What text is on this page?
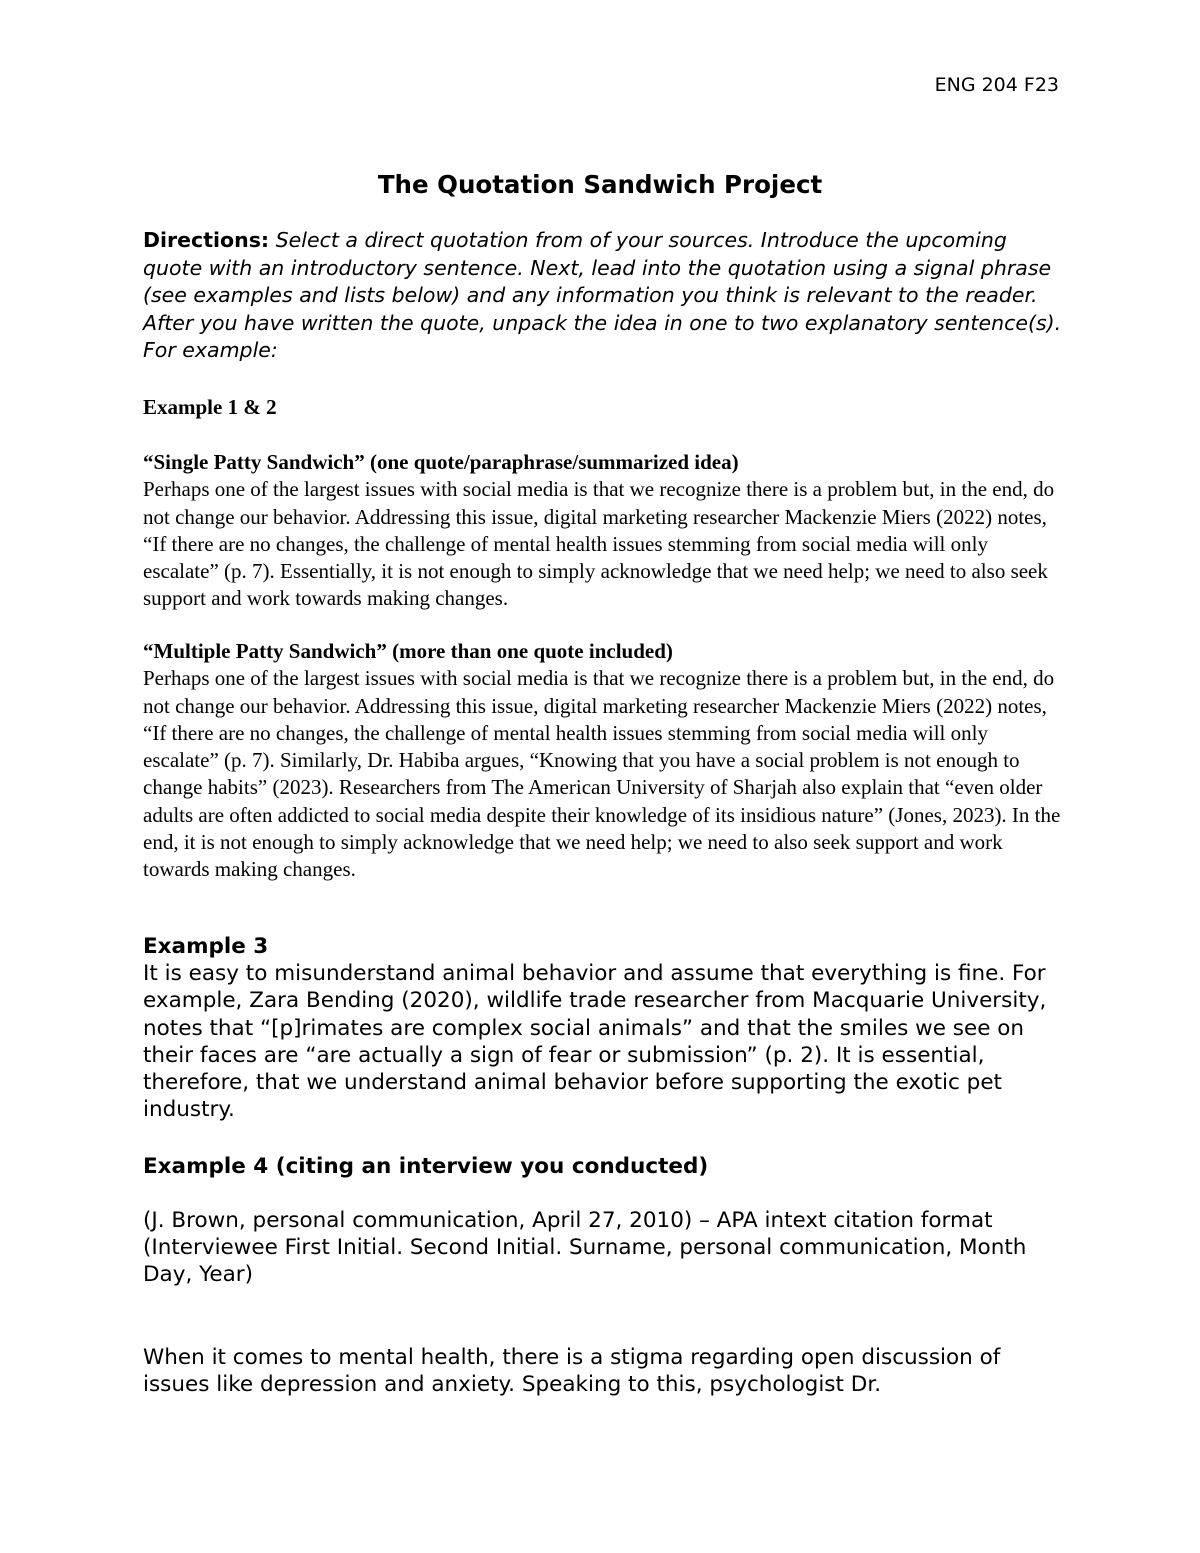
ENG 204 F23
The Quotation Sandwich Project
Directions: Select a direct quotation from of your sources. Introduce the upcoming quote with an introductory sentence. Next, lead into the quotation using a signal phrase (see examples and lists below) and any information you think is relevant to the reader. After you have written the quote, unpack the idea in one to two explanatory sentence(s). For example:
Example 1 & 2

“Single Patty Sandwich” (one quote/paraphrase/summarized idea)

Perhaps one of the largest issues with social media is that we recognize there is a problem but, in the end, do not change our behavior. Addressing this issue, digital marketing researcher Mackenzie Miers (2022) notes, “If there are no changes, the challenge of mental health issues stemming from social media will only escalate” (p. 7). Essentially, it is not enough to simply acknowledge that we need help; we need to also seek support and work towards making changes.

“Multiple Patty Sandwich” (more than one quote included)

Perhaps one of the largest issues with social media is that we recognize there is a problem but, in the end, do not change our behavior. Addressing this issue, digital marketing researcher Mackenzie Miers (2022) notes, “If there are no changes, the challenge of mental health issues stemming from social media will only escalate” (p. 7). Similarly, Dr. Habiba argues, “Knowing that you have a social problem is not enough to change habits” (2023). Researchers from The American University of Sharjah also explain that “even older adults are often addicted to social media despite their knowledge of its insidious nature” (Jones, 2023). In the end, it is not enough to simply acknowledge that we need help; we need to also seek support and work towards making changes.

Example 3

It is easy to misunderstand animal behavior and assume that everything is fine. For example, Zara Bending (2020), wildlife trade researcher from Macquarie University, notes that “[p]rimates are complex social animals” and that the smiles we see on their faces are “are actually a sign of fear or submission” (p. 2). It is essential, therefore, that we understand animal behavior before supporting the exotic pet industry.

Example 4 (citing an interview you conducted)

(J. Brown, personal communication, April 27, 2010) – APA intext citation format

(Interviewee First Initial. Second Initial. Surname, personal communication, Month Day, Year)

When it comes to mental health, there is a stigma regarding open discussion of issues like depression and anxiety. Speaking to this, psychologist Dr.
